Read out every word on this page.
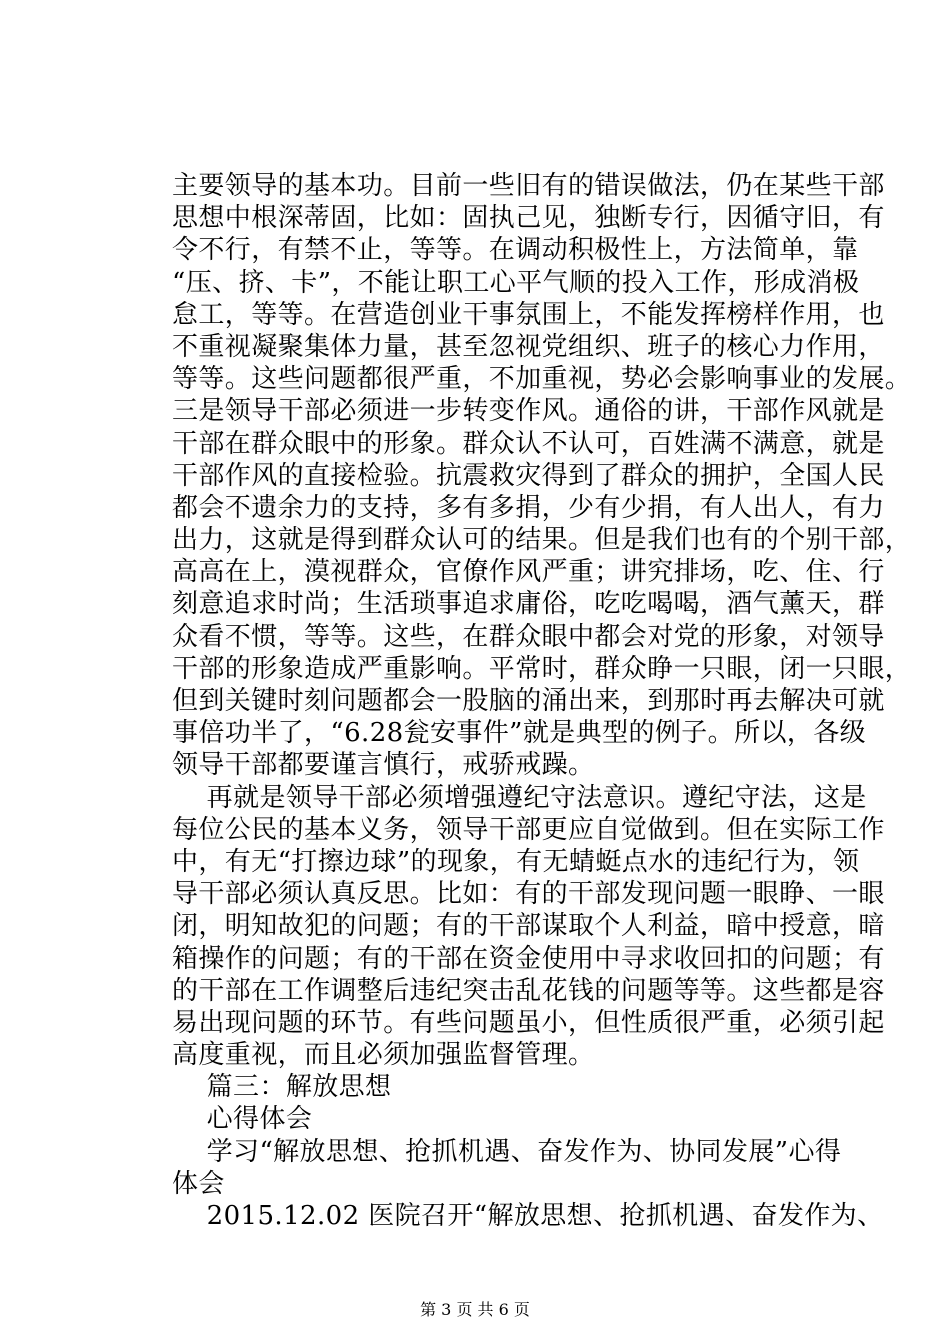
主要领导的基本功。目前一些旧有的错误做法，仍在某些干部
思想中根深蒂固，比如：固执己见，独断专行，因循守旧，有
令不行，有禁不止，等等。在调动积极性上，方法简单，靠
“压、挤、卡”，不能让职工心平气顺的投入工作，形成消极
怠工，等等。在营造创业干事氛围上，不能发挥榜样作用，也
不重视凝聚集体力量，甚至忽视党组织、班子的核心力作用，
等等。这些问题都很严重，不加重视，势必会影响事业的发展。
三是领导干部必须进一步转变作风。通俗的讲，干部作风就是
干部在群众眼中的形象。群众认不认可，百姓满不满意，就是
干部作风的直接检验。抗震救灾得到了群众的拥护，全国人民
都会不遗余力的支持，多有多捐，少有少捐，有人出人，有力
出力，这就是得到群众认可的结果。但是我们也有的个别干部，
高高在上，漠视群众，官僚作风严重；讲究排场，吃、住、行
刻意追求时尚；生活琐事追求庸俗，吃吃喝喝，酒气薰天，群
众看不惯，等等。这些，在群众眼中都会对党的形象，对领导
干部的形象造成严重影响。平常时，群众睁一只眼，闭一只眼，
但到关键时刻问题都会一股脑的涌出来，到那时再去解决可就
事倍功半了，“6.28瓮安事件”就是典型的例子。所以，各级
领导干部都要谨言慎行，戒骄戒躁。
再就是领导干部必须增强遵纪守法意识。遵纪守法，这是
每位公民的基本义务，领导干部更应自觉做到。但在实际工作
中，有无“打擦边球”的现象，有无蜻蜓点水的违纪行为，领
导干部必须认真反思。比如：有的干部发现问题一眼睁、一眼
闭，明知故犯的问题；有的干部谋取个人利益，暗中授意，暗
箱操作的问题；有的干部在资金使用中寻求收回扣的问题；有
的干部在工作调整后违纪突击乱花钱的问题等等。这些都是容
易出现问题的环节。有些问题虽小，但性质很严重，必须引起
高度重视，而且必须加强监督管理。
篇三：解放思想
心得体会
学习“解放思想、抢抓机遇、奋发作为、协同发展”心得
体会
2015.12.02 医院召开“解放思想、抢抓机遇、奋发作为、
第 3 页 共 6 页
